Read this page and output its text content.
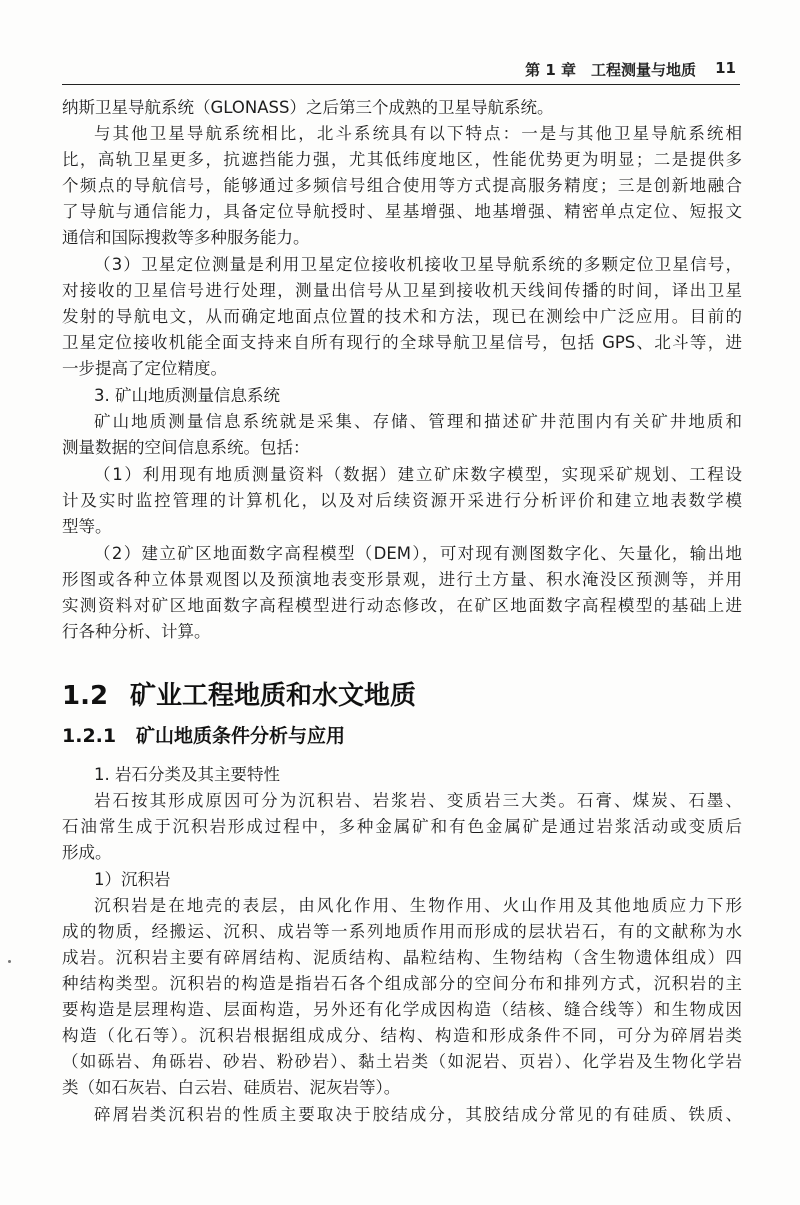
第 1 章　工程测量与地质 11
纳斯卫星导航系统（GLONASS）之后第三个成熟的卫星导航系统。
与其他卫星导航系统相比，北斗系统具有以下特点：一是与其他卫星导航系统相
比，高轨卫星更多，抗遮挡能力强，尤其低纬度地区，性能优势更为明显；二是提供多
个频点的导航信号，能够通过多频信号组合使用等方式提高服务精度；三是创新地融合
了导航与通信能力，具备定位导航授时、星基增强、地基增强、精密单点定位、短报文
通信和国际搜救等多种服务能力。
（3）卫星定位测量是利用卫星定位接收机接收卫星导航系统的多颗定位卫星信号，
对接收的卫星信号进行处理，测量出信号从卫星到接收机天线间传播的时间，译出卫星
发射的导航电文，从而确定地面点位置的技术和方法，现已在测绘中广泛应用。目前的
卫星定位接收机能全面支持来自所有现行的全球导航卫星信号，包括 GPS、北斗等，进
一步提高了定位精度。
3. 矿山地质测量信息系统
矿山地质测量信息系统就是采集、存储、管理和描述矿井范围内有关矿井地质和
测量数据的空间信息系统。包括：
（1）利用现有地质测量资料（数据）建立矿床数字模型，实现采矿规划、工程设
计及实时监控管理的计算机化，以及对后续资源开采进行分析评价和建立地表数学模
型等。
（2）建立矿区地面数字高程模型（DEM），可对现有测图数字化、矢量化，输出地
形图或各种立体景观图以及预演地表变形景观，进行土方量、积水淹没区预测等，并用
实测资料对矿区地面数字高程模型进行动态修改，在矿区地面数字高程模型的基础上进
行各种分析、计算。
1.2 矿业工程地质和水文地质
1.2.1 矿山地质条件分析与应用
1. 岩石分类及其主要特性
岩石按其形成原因可分为沉积岩、岩浆岩、变质岩三大类。石膏、煤炭、石墨、
石油常生成于沉积岩形成过程中，多种金属矿和有色金属矿是通过岩浆活动或变质后
形成。
1）沉积岩
沉积岩是在地壳的表层，由风化作用、生物作用、火山作用及其他地质应力下形
成的物质，经搬运、沉积、成岩等一系列地质作用而形成的层状岩石，有的文献称为水
成岩。沉积岩主要有碎屑结构、泥质结构、晶粒结构、生物结构（含生物遗体组成）四
种结构类型。沉积岩的构造是指岩石各个组成部分的空间分布和排列方式，沉积岩的主
要构造是层理构造、层面构造，另外还有化学成因构造（结核、缝合线等）和生物成因
构造（化石等）。沉积岩根据组成成分、结构、构造和形成条件不同，可分为碎屑岩类
（如砾岩、角砾岩、砂岩、粉砂岩）、黏土岩类（如泥岩、页岩）、化学岩及生物化学岩
类（如石灰岩、白云岩、硅质岩、泥灰岩等）。
碎屑岩类沉积岩的性质主要取决于胶结成分，其胶结成分常见的有硅质、铁质、
